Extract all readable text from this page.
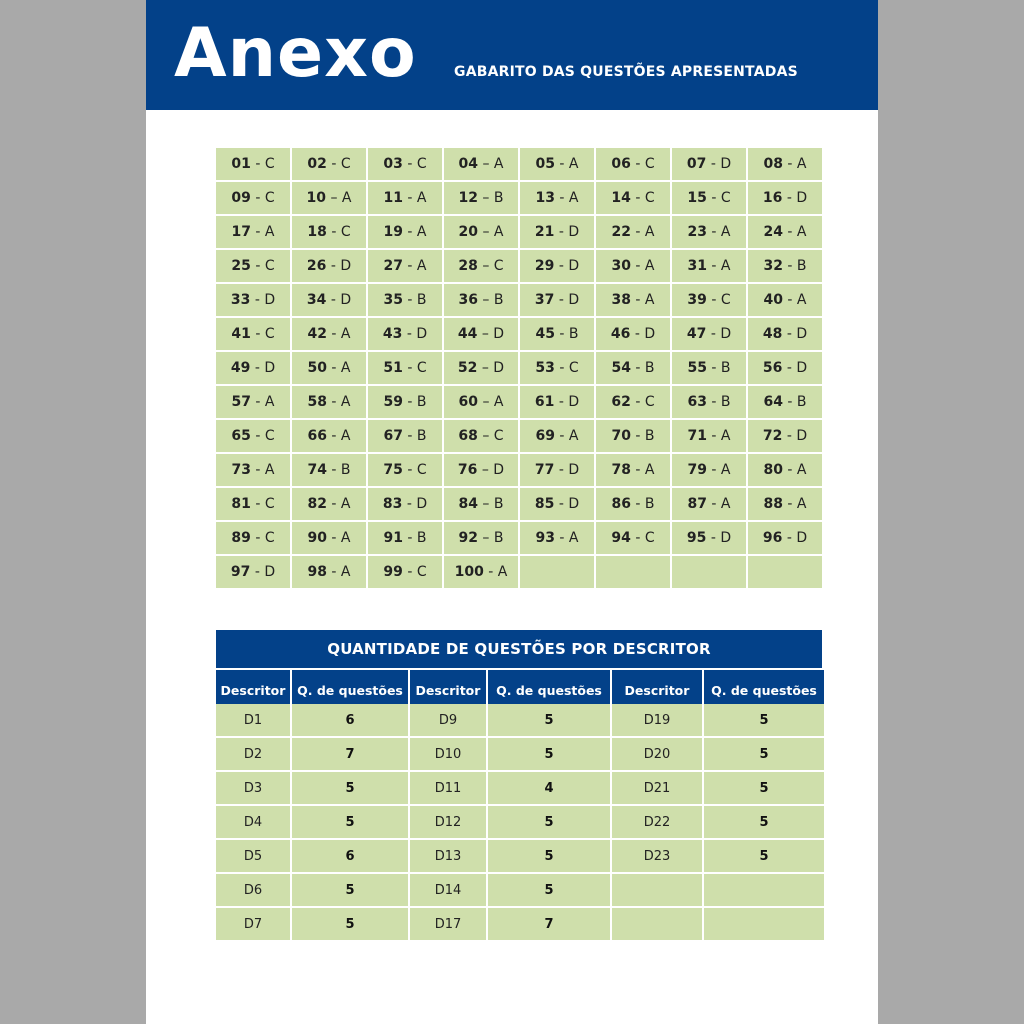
Anexo	GABARITO DAS QUESTÕES APRESENTADAS
01 - C 02 - C 03 - C 04 – A 05 - A 06 - C 07 - D 08 - A
09 - C 10 – A 11 - A 12 – B 13 - A 14 - C 15 - C 16 - D
17 - A 18 - C 19 - A 20 – A 21 - D 22 - A 23 - A 24 - A
25 - C 26 - D 27 - A 28 – C 29 - D 30 - A 31 - A 32 - B
33 - D 34 - D 35 - B 36 – B 37 - D 38 - A 39 - C 40 - A
41 - C 42 - A 43 - D 44 – D 45 - B 46 - D 47 - D 48 - D
49 - D 50 - A 51 - C 52 – D 53 - C 54 - B 55 - B 56 - D
57 - A 58 - A 59 - B 60 – A 61 - D 62 - C 63 - B 64 - B
65 - C 66 - A 67 - B 68 – C 69 - A 70 - B 71 - A 72 - D
73 - A 74 - B 75 - C 76 – D 77 - D 78 - A 79 - A 80 - A
81 - C 82 - A 83 - D 84 – B 85 - D 86 - B 87 - A 88 - A
89 - C 90 - A 91 - B 92 – B 93 - A 94 - C 95 - D 96 - D
97 - D 98 - A 99 - C 100 - A
QUANTIDADE DE QUESTÕES POR DESCRITOR
Descritor Q. de questões	Descritor	Q. de questões	Descritor	Q. de questões
D1	6	D9	5	D19	5
D2	7	D10	5	D20	5
D3	5	D11	4	D21	5
D4	5	D12	5	D22	5
D5	6	D13	5	D23	5
D6	5	D14	5
D7	5	D17	7
